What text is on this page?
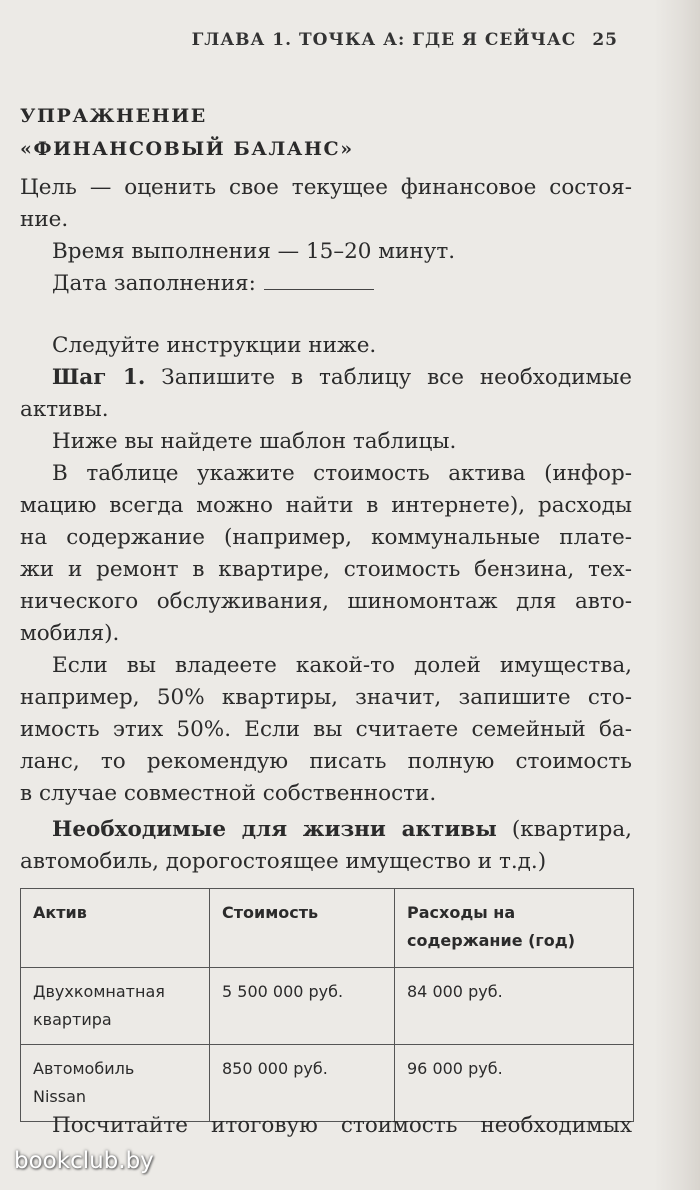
ГЛАВА 1. ТОЧКА А: ГДЕ Я СЕЙЧАС 25
УПРАЖНЕНИЕ
«ФИНАНСОВЫЙ БАЛАНС»

Цель — оценить свое текущее финансовое состоя-
ние.

Время выполнения — 15–20 минут.

Дата заполнения:

Следуйте инструкции ниже.

Шаг 1. Запишите в таблицу все необходимые
активы.

Ниже вы найдете шаблон таблицы.

В таблице укажите стоимость актива (инфор-
мацию всегда можно найти в интернете), расходы
на содержание (например, коммунальные плате-
жи и ремонт в квартире, стоимость бензина, тех-
нического обслуживания, шиномонтаж для авто-
мобиля).
Если вы владеете какой-то долей имущества,
например, 50% квартиры, значит, запишите сто-
имость этих 50%. Если вы считаете семейный ба-
ланс, то рекомендую писать полную стоимость
в случае совместной собственности.
Необходимые для жизни активы (квартира,
автомобиль, дорогостоящее имущество и т.д.)
Актив	Стоимость	Расходы на
содержание (год)

Двухкомнатная
квартира	5 500 000 руб.	84 000 руб.

Автомобиль
Nissan	850 000 руб.	96 000 руб.

Посчитайте итоговую стоимость необходимых

bookclub.by
